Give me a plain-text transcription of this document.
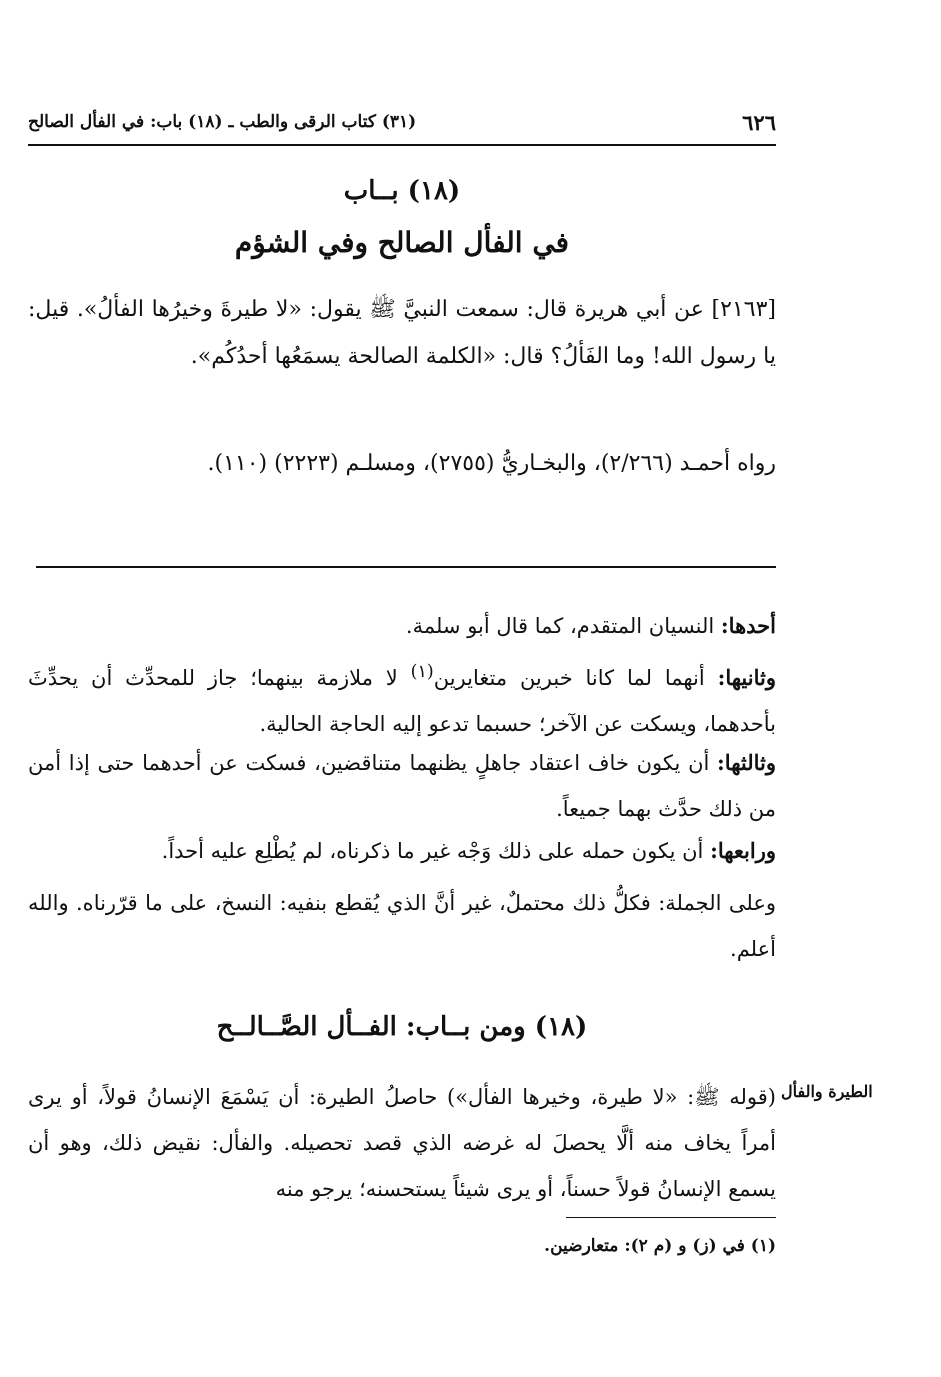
٦٢٦
(٣١) كتاب الرقى والطب ـ (١٨) باب: في الفأل الصالح
(١٨) بــاب
في الفأل الصالح وفي الشؤم
[٢١٦٣] عن أبي هريرة قال: سمعت النبيَّ ﷺ يقول: «لا طيرةَ وخيرُها الفألُ». قيل: يا رسول الله! وما الفَألُ؟ قال: «الكلمة الصالحة يسمَعُها أحدُكُم».
رواه أحمـد (٢/٢٦٦)، والبخـاريُّ (٢٧٥٥)، ومسلـم (٢٢٢٣) (١١٠).
أحدها: النسيان المتقدم، كما قال أبو سلمة.
وثانيها: أنهما لما كانا خبرين متغايرين$^{(١)}$ لا ملازمة بينهما؛ جاز للمحدِّث أن يحدِّثَ بأحدهما، ويسكت عن الآخر؛ حسبما تدعو إليه الحاجة الحالية.
وثالثها: أن يكون خاف اعتقاد جاهلٍ يظنهما متناقضين، فسكت عن أحدهما حتى إذا أمن من ذلك حدَّث بهما جميعاً.
ورابعها: أن يكون حمله على ذلك وَجْه غير ما ذكرناه، لم يُطْلِع عليه أحداً.
وعلى الجملة: فكلُّ ذلك محتملٌ، غير أنَّ الذي يُقطع بنفيه: النسخ، على ما قرّرناه. والله أعلم.
(١٨) ومن بــاب: الفــأل الصَّــالــح
الطيرة والفأل
(قوله ﷺ: «لا طيرة، وخيرها الفأل») حاصلُ الطيرة: أن يَسْمَعَ الإنسانُ قولاً، أو يرى أمراً يخاف منه ألَّا يحصلَ له غرضه الذي قصد تحصيله. والفأل: نقيض ذلك، وهو أن يسمع الإنسانُ قولاً حسناً، أو يرى شيئاً يستحسنه؛ يرجو منه
(١) في (ز) و (م ٢): متعارضين.
